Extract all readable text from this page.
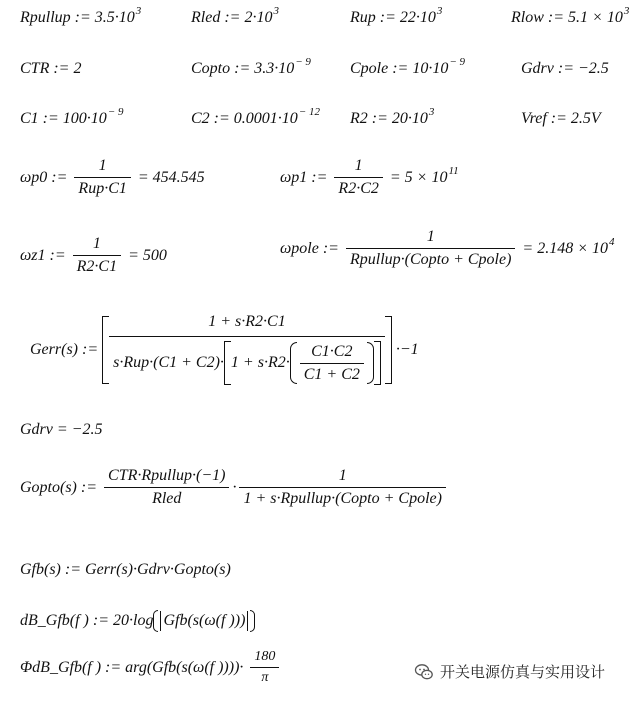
Rpullup := $3.5\cdot 10^3$	Rled := $2\cdot 10^3$	Rup := $22\cdot 10^3$	Rlow := $5.1 \times 10^3$
CTR := 2	Copto := $3.3\cdot 10^{- 9}$ Cpole := $10\cdot 10^{- 9}$	Gdrv := −2.5
C1 := $100\cdot 10^{- 9}$	C2 := $0.0001\cdot 10^{- 12}$ R2 := $20\cdot 10^3$	Vref := 2.5V
ωp0 := $\frac{1}{\text{Rup·C1}} = 454.545$	ωp1 := $\frac{1}{R2\cdot C2} = 5 \times 10^{11}$
ωz1 := $\frac{1}{R2\cdot C1} = 500$	ωpole := $\frac{1}{\text{Rpullup·(Copto + Cpole)}} = 2.148 \times 10^4$
Gerr(s) := $\frac{1 + s\cdot R2\cdot C1}{s\cdot Rup\cdot(C1 + C2)\cdot 1 + s\cdot R2\cdot \frac{C1\cdot C2}{C1 + C2}} \cdot-1$
Gdrv = −2.5
Gopto(s) := $\frac{\text{CTR·Rpullup·(−1)}}{\text{Rled}} \cdot \frac{1}{\text{1 + s·Rpullup·(Copto + Cpole)}}$
Gfb(s) := Gerr(s)·Gdrv·Gopto(s)
dB_Gfb(f ) := 20·log Gfb(s(ω(f )))
ΦdB_Gfb(f ) := arg(Gfb(s(ω(f ))))· $\frac{180}{\pi}$	开关电源仿真与实用设计
